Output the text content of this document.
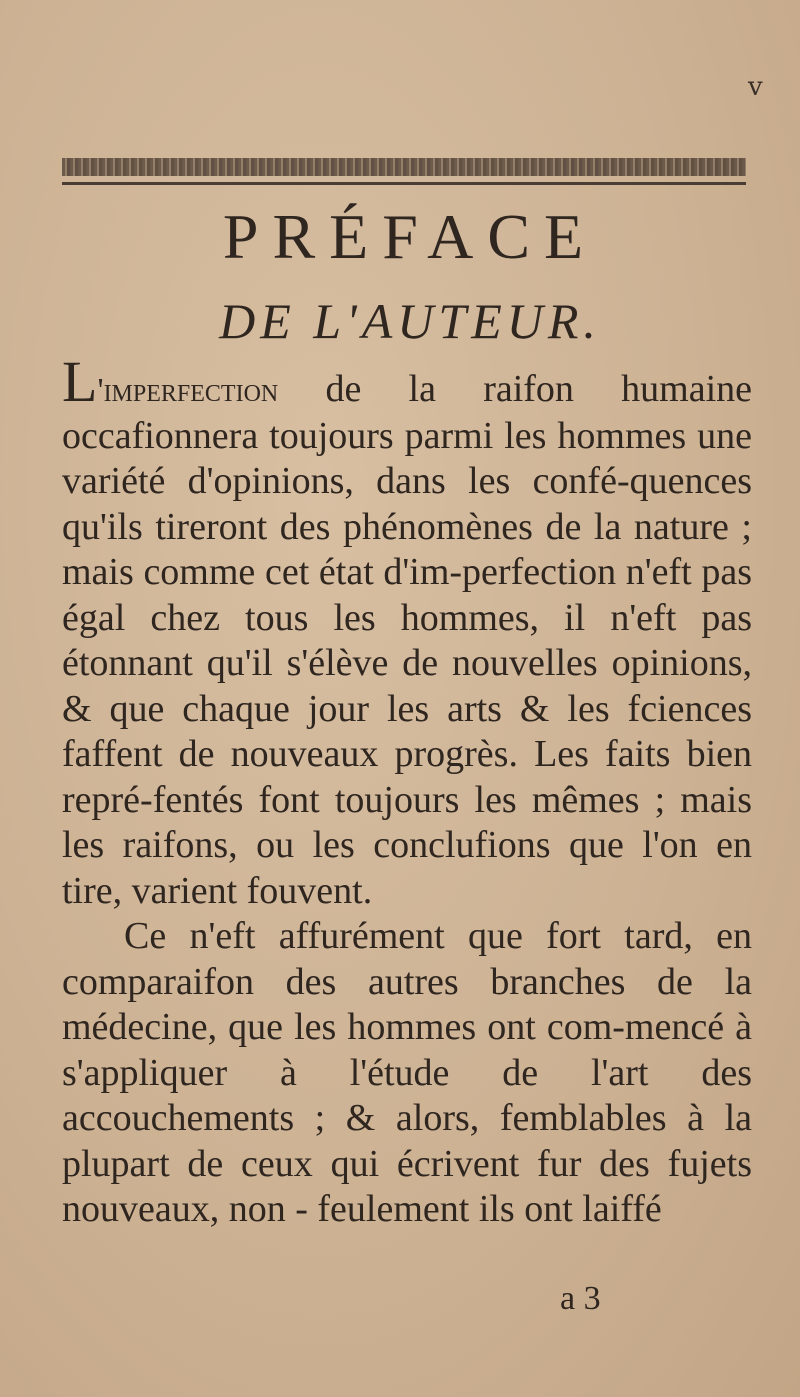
v
PRÉFACE
DE L'AUTEUR.

L'imperfection de la raifon humaine occafionnera toujours parmi les hommes une variété d'opinions, dans les confé-quences qu'ils tireront des phénomènes de la nature ; mais comme cet état d'im-perfection n'eft pas égal chez tous les hommes, il n'eft pas étonnant qu'il s'élève de nouvelles opinions, & que chaque jour les arts & les fciences faffent de nouveaux progrès. Les faits bien repré-fentés font toujours les mêmes ; mais les raifons, ou les conclufions que l'on en tire, varient fouvent.

Ce n'eft affurément que fort tard, en comparaifon des autres branches de la médecine, que les hommes ont com-mencé à s'appliquer à l'étude de l'art des accouchements ; & alors, femblables à la plupart de ceux qui écrivent fur des fujets nouveaux, non - feulement ils ont laiffé

a 3
